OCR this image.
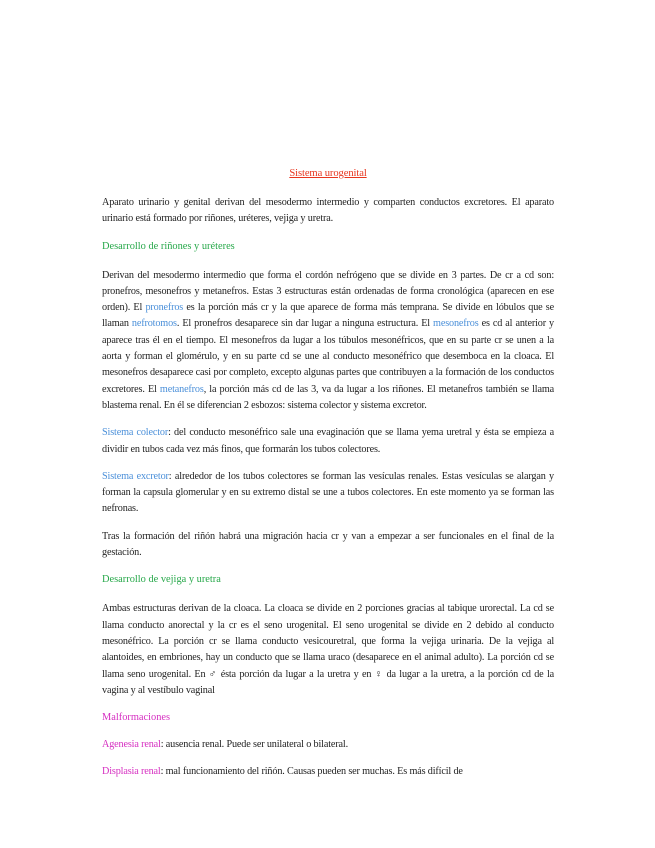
Sistema urogenital

Aparato urinario y genital derivan del mesodermo intermedio y comparten conductos excretores. El aparato urinario está formado por riñones, uréteres, vejiga y uretra.

Desarrollo de riñones y uréteres

Derivan del mesodermo intermedio que forma el cordón nefrógeno que se divide en 3 partes. De cr a cd son: pronefros, mesonefros y metanefros. Estas 3 estructuras están ordenadas de forma cronológica (aparecen en ese orden). El pronefros es la porción más cr y la que aparece de forma más temprana. Se divide en lóbulos que se llaman nefrotomos. El pronefros desaparece sin dar lugar a ninguna estructura. El mesonefros es cd al anterior y aparece tras él en el tiempo. El mesonefros da lugar a los túbulos mesonéfricos, que en su parte cr se unen a la aorta y forman el glomérulo, y en su parte cd se une al conducto mesonéfrico que desemboca en la cloaca. El mesonefros desaparece casi por completo, excepto algunas partes que contribuyen a la formación de los conductos excretores. El metanefros, la porción más cd de las 3, va da lugar a los riñones. El metanefros también se llama blastema renal. En él se diferencian 2 esbozos: sistema colector y sistema excretor.

Sistema colector: del conducto mesonéfrico sale una evaginación que se llama yema uretral y ésta se empieza a dividir en tubos cada vez más finos, que formarán los tubos colectores.

Sistema excretor: alrededor de los tubos colectores se forman las vesículas renales. Estas vesículas se alargan y forman la capsula glomerular y en su extremo distal se une a tubos colectores. En este momento ya se forman las nefronas.

Tras la formación del riñón habrá una migración hacia cr y van a empezar a ser funcionales en el final de la gestación.

Desarrollo de vejiga y uretra

Ambas estructuras derivan de la cloaca. La cloaca se divide en 2 porciones gracias al tabique urorectal. La cd se llama conducto anorectal y la cr es el seno urogenital. El seno urogenital se divide en 2 debido al conducto mesonéfrico. La porción cr se llama conducto vesicouretral, que forma la vejiga urinaria. De la vejiga al alantoides, en embriones, hay un conducto que se llama uraco (desaparece en el animal adulto). La porción cd se llama seno urogenital. En ♂ ésta porción da lugar a la uretra y en ♀ da lugar a la uretra, a la porción cd de la vagina y al vestíbulo vaginal

Malformaciones

Agenesia renal: ausencia renal. Puede ser unilateral o bilateral.

Displasia renal: mal funcionamiento del riñón. Causas pueden ser muchas. Es más difícil de
